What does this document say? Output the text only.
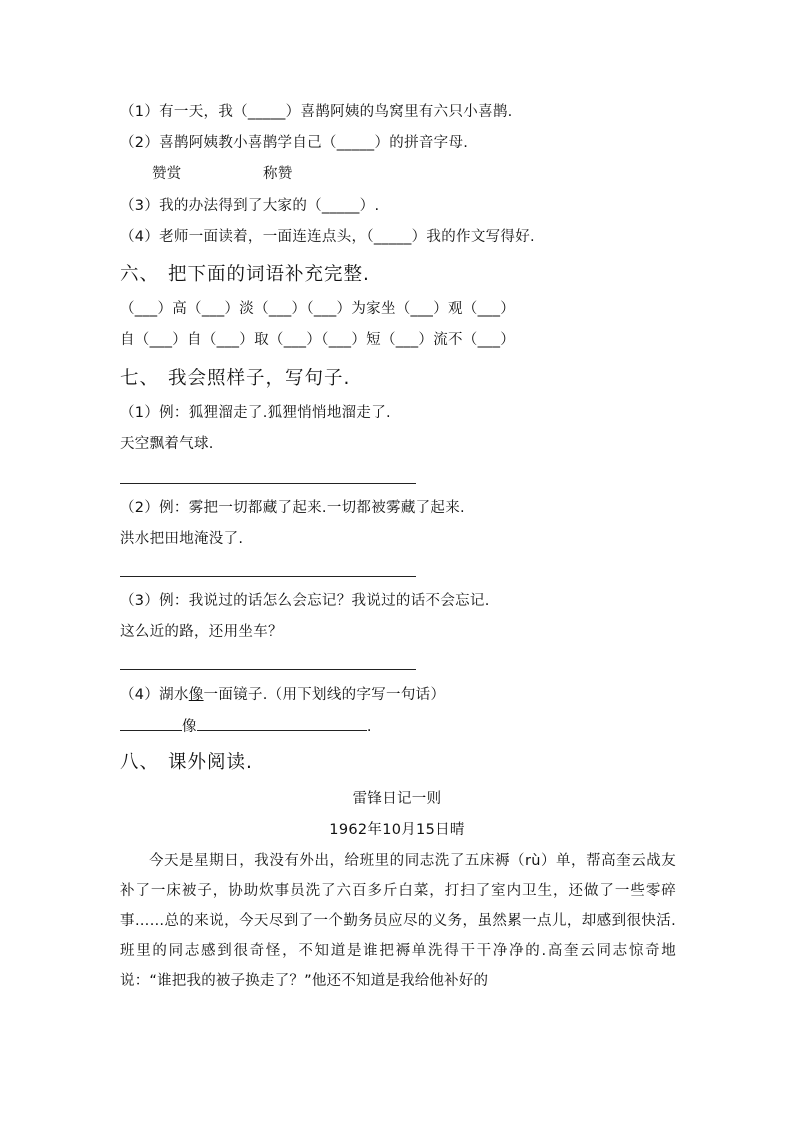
（1）有一天，我（_____）喜鹊阿姨的鸟窝里有六只小喜鹊.
（2）喜鹊阿姨教小喜鹊学自己（_____）的拼音字母.
赞赏	称赞
（3）我的办法得到了大家的（_____）.
（4）老师一面读着，一面连连点头，（_____）我的作文写得好.
六、 把下面的词语补充完整.
（___）高（___）淡（___）（___）为家坐（___）观（___）
自（___）自（___）取（___）（___）短（___）流不（___）
七、 我会照样子，写句子.
（1）例：狐狸溜走了.狐狸悄悄地溜走了.
天空飘着气球.
（2）例：雾把一切都藏了起来.一切都被雾藏了起来.
洪水把田地淹没了.
（3）例：我说过的话怎么会忘记？我说过的话不会忘记.
这么近的路，还用坐车？
（4）湖水像一面镜子.（用下划线的字写一句话）
像	.
八、 课外阅读.
雷锋日记一则
1962年10月15日晴

今天是星期日，我没有外出，给班里的同志洗了五床褥（rù）单，帮高奎云战友补了一床被子，协助炊事员洗了六百多斤白菜，打扫了室内卫生，还做了一些零碎事……总的来说，今天尽到了一个勤务员应尽的义务，虽然累一点儿，却感到很快活.班里的同志感到很奇怪，不知道是谁把褥单洗得干干净净的.高奎云同志惊奇地说：“谁把我的被子换走了？”他还不知道是我给他补好的
